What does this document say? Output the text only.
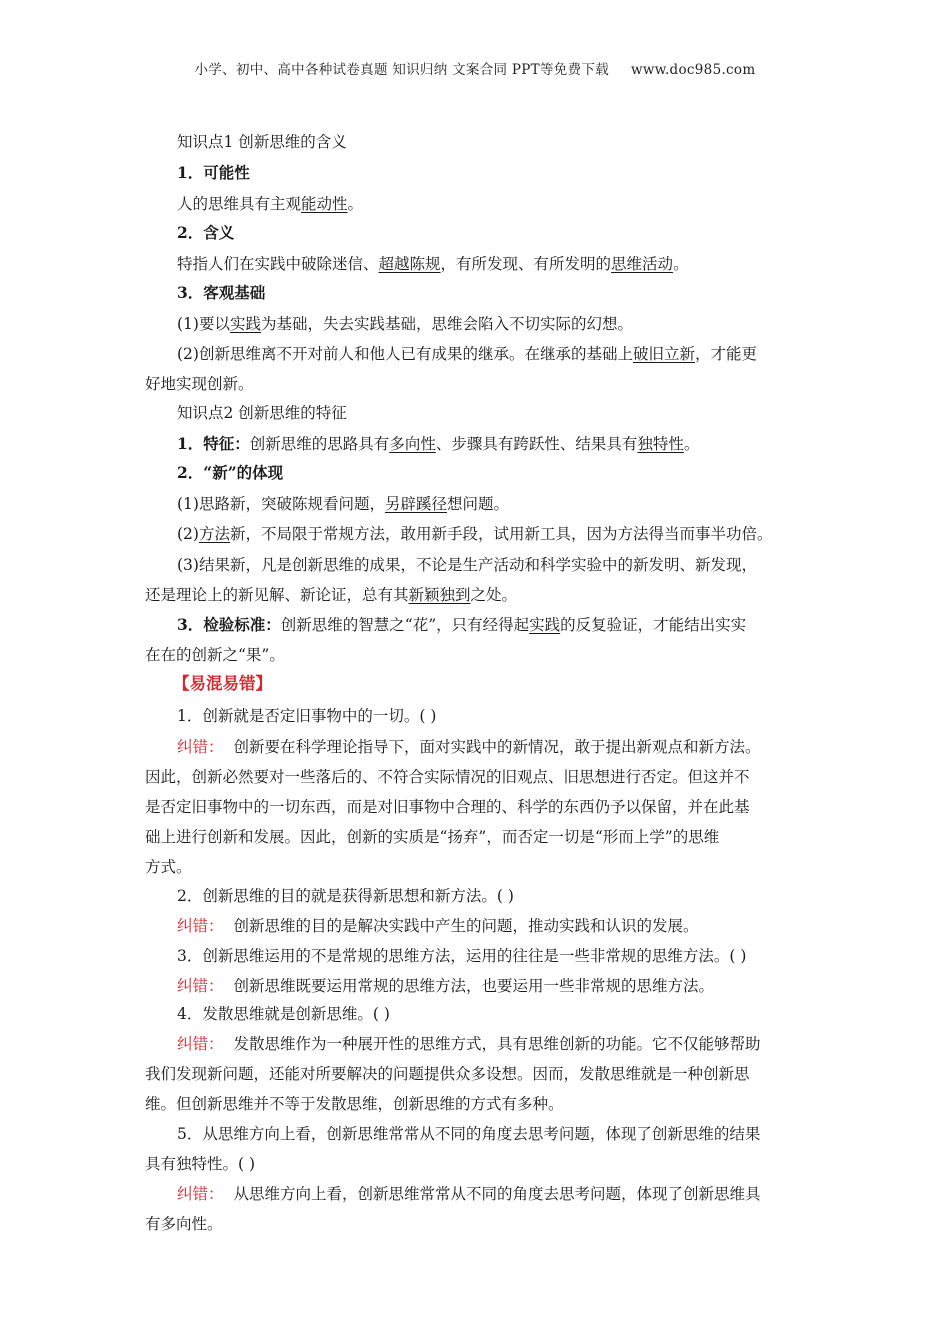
小学、初中、高中各种试卷真题 知识归纳 文案合同 PPT等免费下载 www.doc985.com
知识点1 创新思维的含义
1．可能性
人的思维具有主观能动性。
2．含义
特指人们在实践中破除迷信、超越陈规，有所发现、有所发明的思维活动。
3．客观基础
(1)要以实践为基础，失去实践基础，思维会陷入不切实际的幻想。
(2)创新思维离不开对前人和他人已有成果的继承。在继承的基础上破旧立新，才能更
好地实现创新。
知识点2 创新思维的特征
1．特征：创新思维的思路具有多向性、步骤具有跨跃性、结果具有独特性。
2．“新”的体现
(1)思路新，突破陈规看问题，另辟蹊径想问题。
(2)方法新，不局限于常规方法，敢用新手段，试用新工具，因为方法得当而事半功倍。
(3)结果新，凡是创新思维的成果，不论是生产活动和科学实验中的新发明、新发现，
还是理论上的新见解、新论证，总有其新颖独到之处。
3．检验标准：创新思维的智慧之“花”，只有经得起实践的反复验证，才能结出实实
在在的创新之“果”。
【易混易错】
1．创新就是否定旧事物中的一切。( )
纠错： 创新要在科学理论指导下，面对实践中的新情况，敢于提出新观点和新方法。
因此，创新必然要对一些落后的、不符合实际情况的旧观点、旧思想进行否定。但这并不
是否定旧事物中的一切东西，而是对旧事物中合理的、科学的东西仍予以保留，并在此基
础上进行创新和发展。因此，创新的实质是“扬弃”，而否定一切是“形而上学”的思维
方式。
2．创新思维的目的就是获得新思想和新方法。( )
纠错： 创新思维的目的是解决实践中产生的问题，推动实践和认识的发展。
3．创新思维运用的不是常规的思维方法，运用的往往是一些非常规的思维方法。( )
纠错： 创新思维既要运用常规的思维方法，也要运用一些非常规的思维方法。
4．发散思维就是创新思维。( )
纠错： 发散思维作为一种展开性的思维方式，具有思维创新的功能。它不仅能够帮助
我们发现新问题，还能对所要解决的问题提供众多设想。因而，发散思维就是一种创新思
维。但创新思维并不等于发散思维，创新思维的方式有多种。
5．从思维方向上看，创新思维常常从不同的角度去思考问题，体现了创新思维的结果
具有独特性。( )
纠错： 从思维方向上看，创新思维常常从不同的角度去思考问题，体现了创新思维具
有多向性。
